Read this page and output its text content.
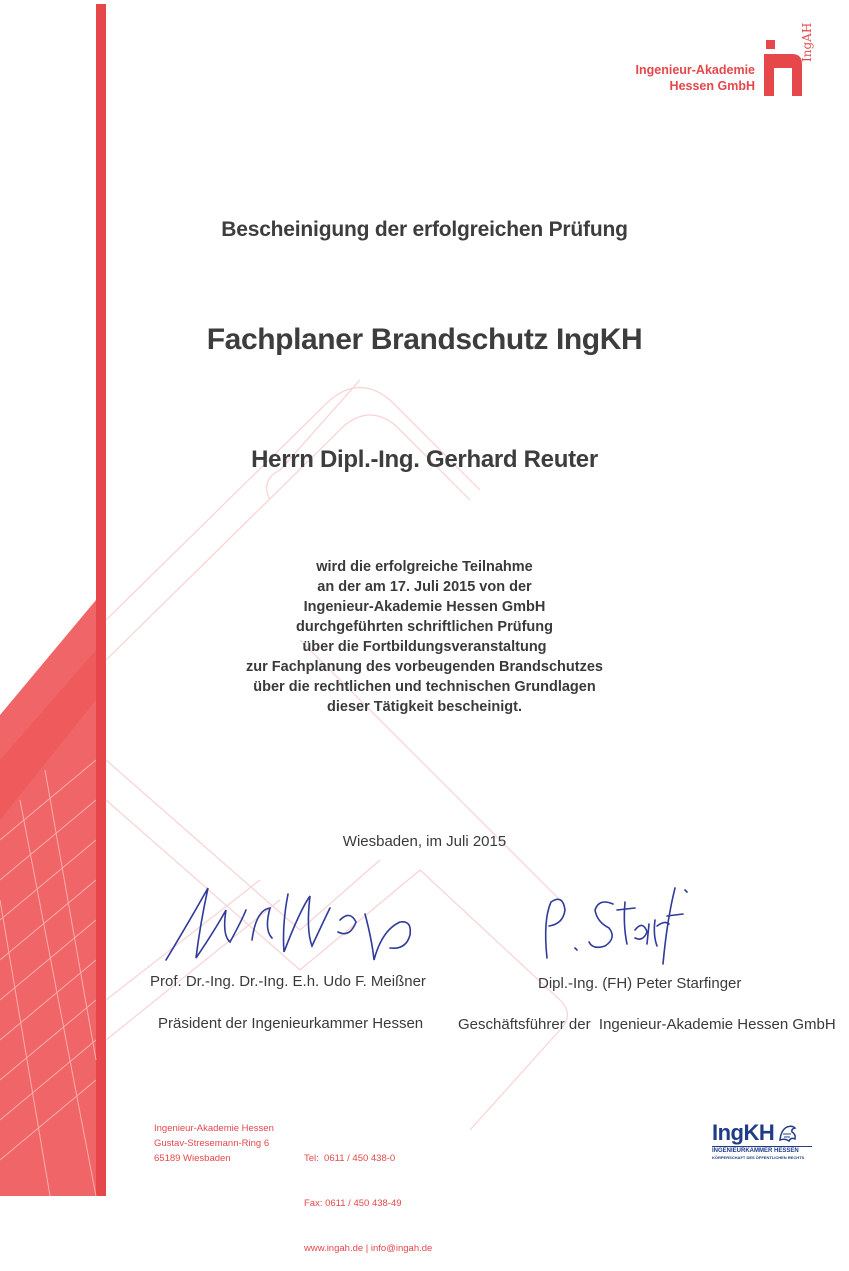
Ingenieur-Akademie
Hessen GmbH
IngAH
Bescheinigung der erfolgreichen Prüfung
Fachplaner Brandschutz IngKH
Herrn Dipl.-Ing. Gerhard Reuter
wird die erfolgreiche Teilnahme
an der am 17. Juli 2015 von der
Ingenieur-Akademie Hessen GmbH
durchgeführten schriftlichen Prüfung
über die Fortbildungsveranstaltung
zur Fachplanung des vorbeugenden Brandschutzes
über die rechtlichen und technischen Grundlagen
dieser Tätigkeit bescheinigt.
Wiesbaden, im Juli 2015
Prof. Dr.-Ing. Dr.-Ing. E.h. Udo F. Meißner
Präsident der Ingenieurkammer Hessen
Dipl.-Ing. (FH) Peter Starfinger
Geschäftsführer der  Ingenieur-Akademie Hessen GmbH
Ingenieur-Akademie Hessen
Gustav-Stresemann-Ring 6
65189 Wiesbaden

	Tel:  0611 / 450 438-0

Fax: 0611 / 450 438-49

www.ingah.de | info@ingah.de

IngKH
INGENIEURKAMMER HESSEN
KÖRPERSCHAFT DES ÖFFENTLICHEN RECHTS
